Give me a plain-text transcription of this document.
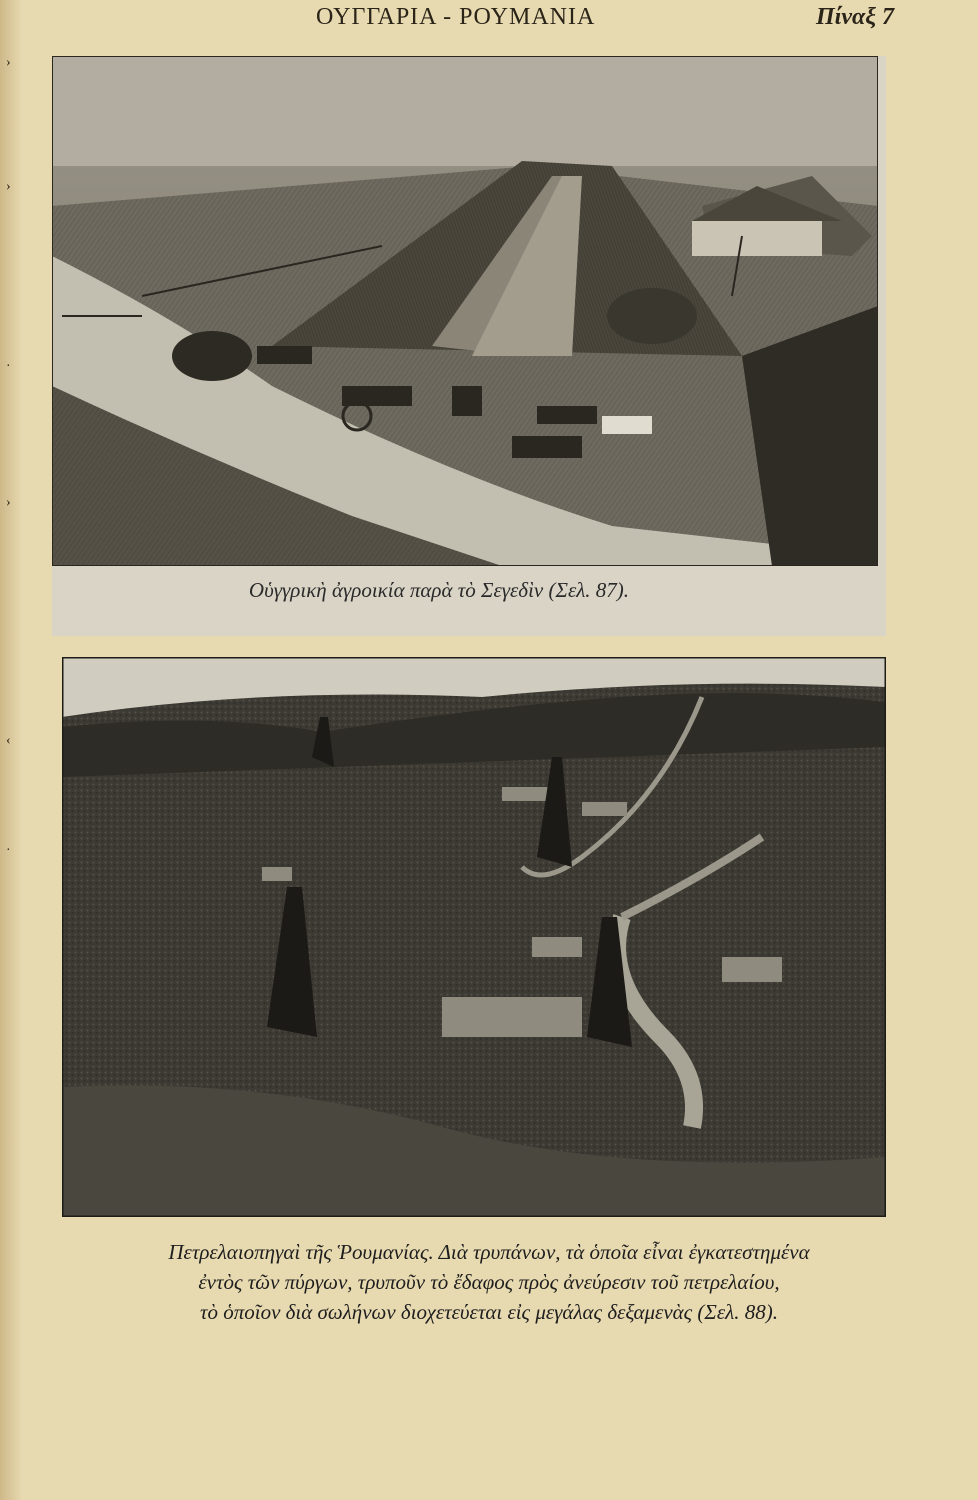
›
›
·
›
‹
·
ΟΥΓΓΑΡΙΑ - ΡΟΥΜΑΝΙΑ	Πίναξ 7
Οὑγγρικὴ ἀγροικία παρὰ τὸ Σεγεδὶν (Σελ. 87).
Πετρελαιοπηγαὶ τῆς Ῥουμανίας. Διὰ τρυπάνων, τὰ ὁποῖα εἶναι ἐγκατεστημένα
ἐντὸς τῶν πύργων, τρυποῦν τὸ ἔδαφος πρὸς ἀνεύρεσιν τοῦ πετρελαίου,
τὸ ὁποῖον διὰ σωλήνων διοχετεύεται εἰς μεγάλας δεξαμενὰς (Σελ. 88).
